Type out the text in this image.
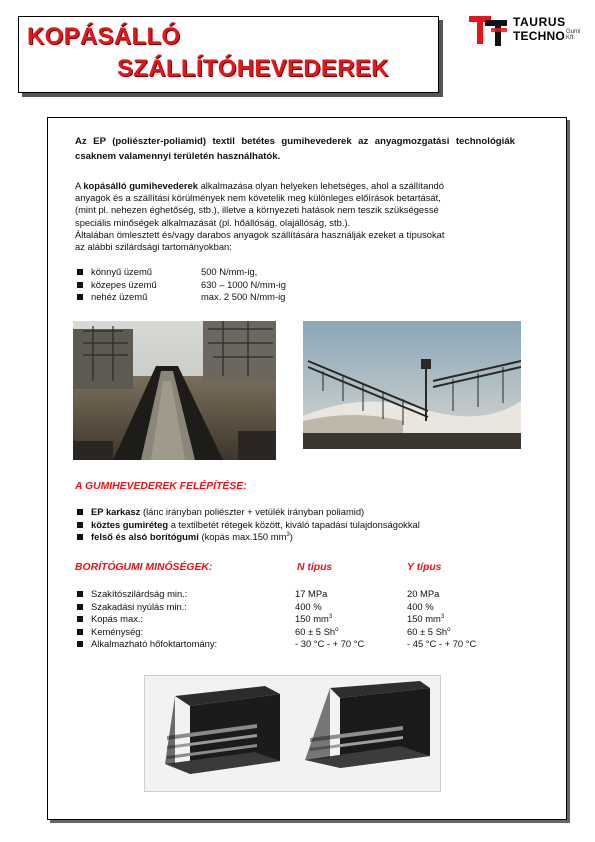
KOPÁSÁLLÓ
SZÁLLÍTÓHEVEDEREK
TAURUS
TECHNO Gumi
Kft.
Az EP (poliészter-poliamid) textil betétes gumihevederek az anyagmozgatási technológiák csaknem valamennyi területén használhatók.
A kopásálló gumihevederek alkalmazása olyan helyeken lehetséges, ahol a szállítandó
anyagok és a szállítási körülmények nem követelik meg különleges előírások betartását,
(mint pl. nehezen éghetőség, stb.), illetve a környezeti hatások nem teszik szükségessé
speciális minőségek alkalmazását (pl. hőállóság, olajállóság, stb.).
Általában ömlesztett és/vagy darabos anyagok szállítására használják ezeket a típusokat
az alábbi szilárdsági tartományokban:
könnyű üzemű	500 N/mm-ig,
közepes üzemű	630 – 1000 N/mm-ig
nehéz üzemű	max. 2 500 N/mm-ig
A GUMIHEVEDEREK FELÉPÍTÉSE:
EP karkasz (lánc irányban poliészter + vetülék irányban poliamid)
köztes gumiréteg a textilbetét rétegek között, kiváló tapadási tulajdonságokkal
felső és alsó borítógumi (kopás max.150 $mm^3$)
BORÍTÓGUMI MINŐSÉGEK:	N típus	Y típus
Szakítószilárdság min.:	17 MPa	20 MPa
Szakadási nyúlás min.:	400 %	400 %
Kopás max.:	150 $mm^3$	150 $mm^3$
Keménység:	60 ± 5 Sh$^o$	60 ± 5 Sh$^o$
Alkalmazható hőfoktartomány:	- 30 °C - + 70 °C	- 45 °C - + 70 °C
